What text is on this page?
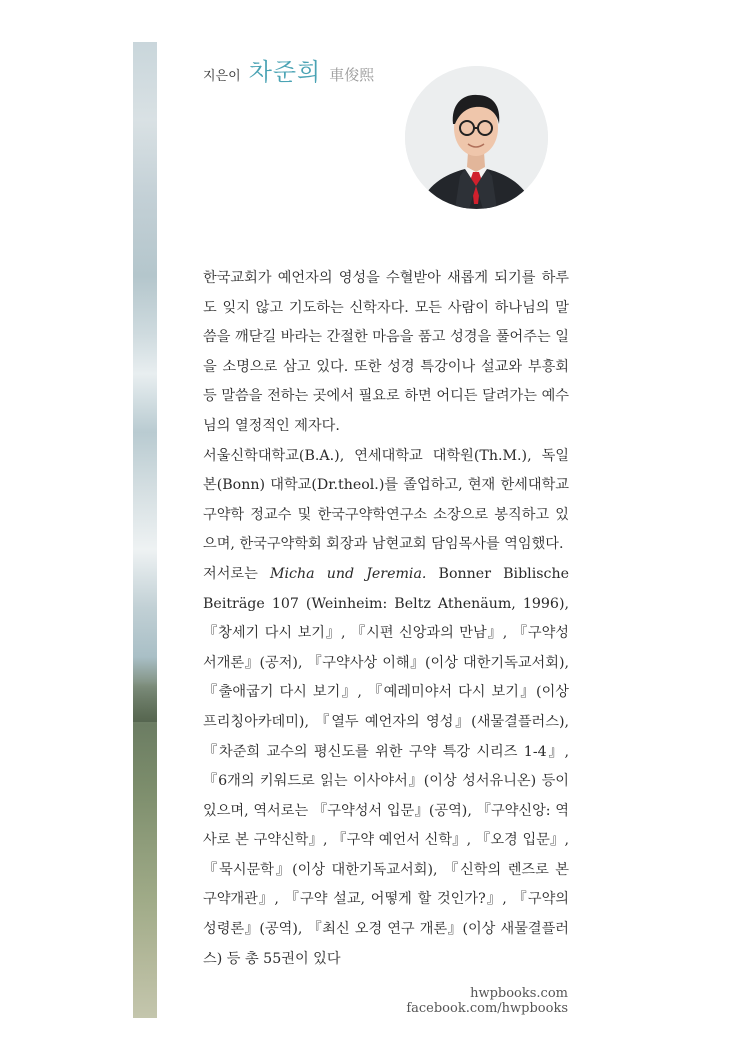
지은이 차준희 車俊熙

한국교회가 예언자의 영성을 수혈받아 새롭게 되기를 하루도 잊지 않고 기도하는 신학자다. 모든 사람이 하나님의 말씀을 깨닫길 바라는 간절한 마음을 품고 성경을 풀어주는 일을 소명으로 삼고 있다. 또한 성경 특강이나 설교와 부흥회 등 말씀을 전하는 곳에서 필요로 하면 어디든 달려가는 예수님의 열정적인 제자다.

서울신학대학교(B.A.), 연세대학교 대학원(Th.M.), 독일 본(Bonn) 대학교(Dr.theol.)를 졸업하고, 현재 한세대학교 구약학 정교수 및 한국구약학연구소 소장으로 봉직하고 있으며, 한국구약학회 회장과 남현교회 담임목사를 역임했다.

저서로는 Micha und Jeremia. Bonner Biblische Beiträge 107 (Weinheim: Beltz Athenäum, 1996), 『창세기 다시 보기』, 『시편 신앙과의 만남』, 『구약성서개론』(공저), 『구약사상 이해』(이상 대한기독교서회), 『출애굽기 다시 보기』, 『예레미야서 다시 보기』(이상 프리칭아카데미), 『열두 예언자의 영성』(새물결플러스), 『차준희 교수의 평신도를 위한 구약 특강 시리즈 1-4』, 『6개의 키워드로 읽는 이사야서』(이상 성서유니온) 등이 있으며, 역서로는 『구약성서 입문』(공역), 『구약신앙: 역사로 본 구약신학』, 『구약 예언서 신학』, 『오경 입문』, 『묵시문학』(이상 대한기독교서회), 『신학의 렌즈로 본 구약개관』, 『구약 설교, 어떻게 할 것인가?』, 『구약의 성령론』(공역), 『최신 오경 연구 개론』(이상 새물결플러스) 등 총 55권이 있다

hwpbooks.com
facebook.com/hwpbooks
